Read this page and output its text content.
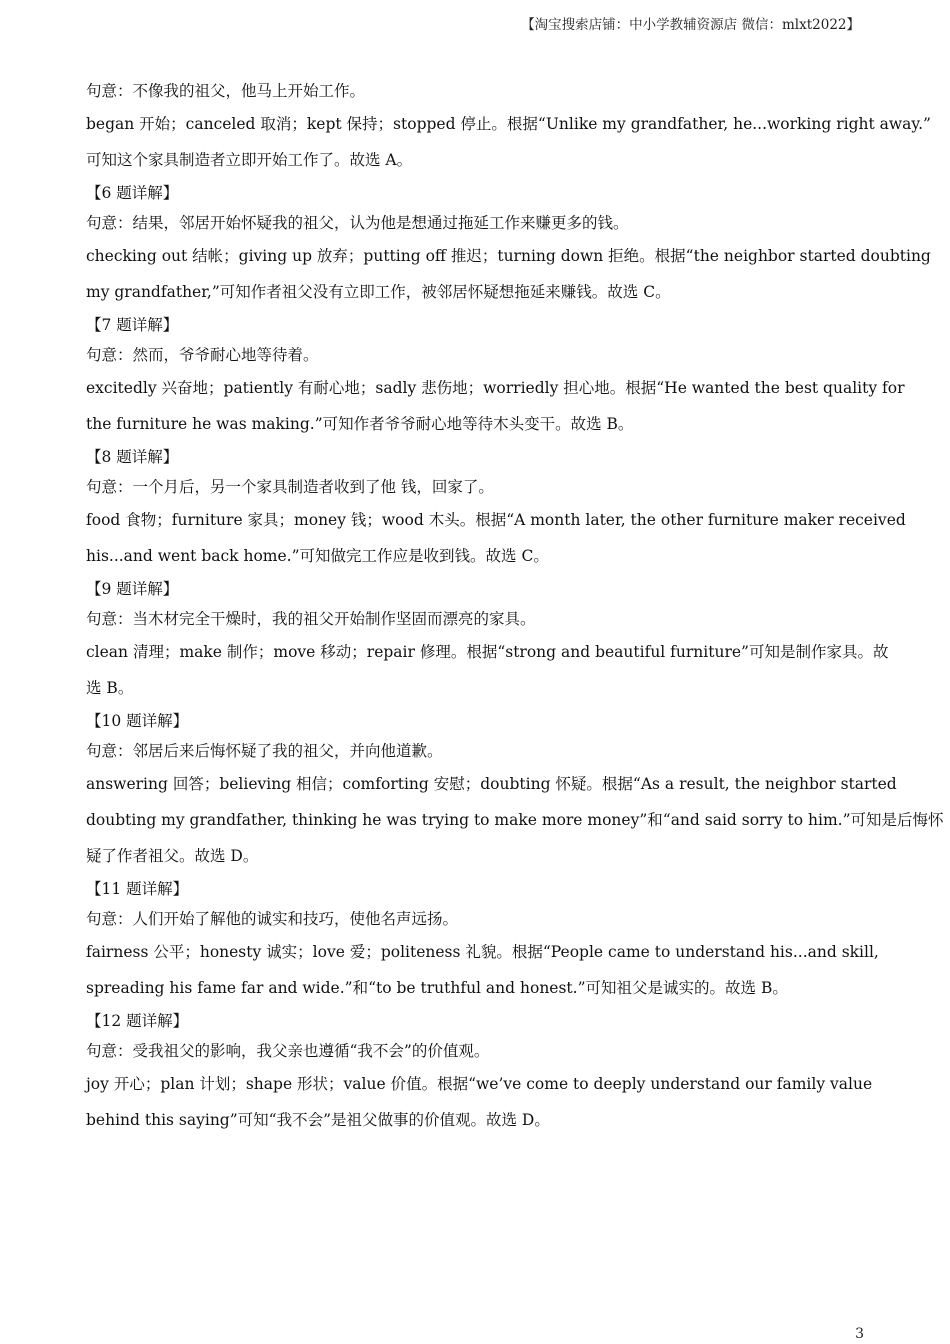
【淘宝搜索店铺：中小学教辅资源店 微信：mlxt2022】
句意：不像我的祖父，他马上开始工作。
began 开始；canceled 取消；kept 保持；stopped 停止。根据“Unlike my grandfather, he...working right away.”
可知这个家具制造者立即开始工作了。故选 A。
【6 题详解】
句意：结果，邻居开始怀疑我的祖父，认为他是想通过拖延工作来赚更多的钱。
checking out 结帐；giving up 放弃；putting off 推迟；turning down 拒绝。根据“the neighbor started doubting
my grandfather,”可知作者祖父没有立即工作，被邻居怀疑想拖延来赚钱。故选 C。
【7 题详解】
句意：然而，爷爷耐心地等待着。
excitedly 兴奋地；patiently 有耐心地；sadly 悲伤地；worriedly 担心地。根据“He wanted the best quality for
the furniture he was making.”可知作者爷爷耐心地等待木头变干。故选 B。
【8 题详解】
句意：一个月后，另一个家具制造者收到了他 钱，回家了。
food 食物；furniture 家具；money 钱；wood 木头。根据“A month later, the other furniture maker received
his...and went back home.”可知做完工作应是收到钱。故选 C。
【9 题详解】
句意：当木材完全干燥时，我的祖父开始制作坚固而漂亮的家具。
clean 清理；make 制作；move 移动；repair 修理。根据“strong and beautiful furniture”可知是制作家具。故
选 B。
【10 题详解】
句意：邻居后来后悔怀疑了我的祖父，并向他道歉。
answering 回答；believing 相信；comforting 安慰；doubting 怀疑。根据“As a result, the neighbor started
doubting my grandfather, thinking he was trying to make more money”和“and said sorry to him.”可知是后悔怀
疑了作者祖父。故选 D。
【11 题详解】
句意：人们开始了解他的诚实和技巧，使他名声远扬。
fairness 公平；honesty 诚实；love 爱；politeness 礼貌。根据“People came to understand his...and skill,
spreading his fame far and wide.”和“to be truthful and honest.”可知祖父是诚实的。故选 B。
【12 题详解】
句意：受我祖父的影响，我父亲也遵循“我不会”的价值观。
joy 开心；plan 计划；shape 形状；value 价值。根据“we’ve come to deeply understand our family value
behind this saying”可知“我不会”是祖父做事的价值观。故选 D。
3
